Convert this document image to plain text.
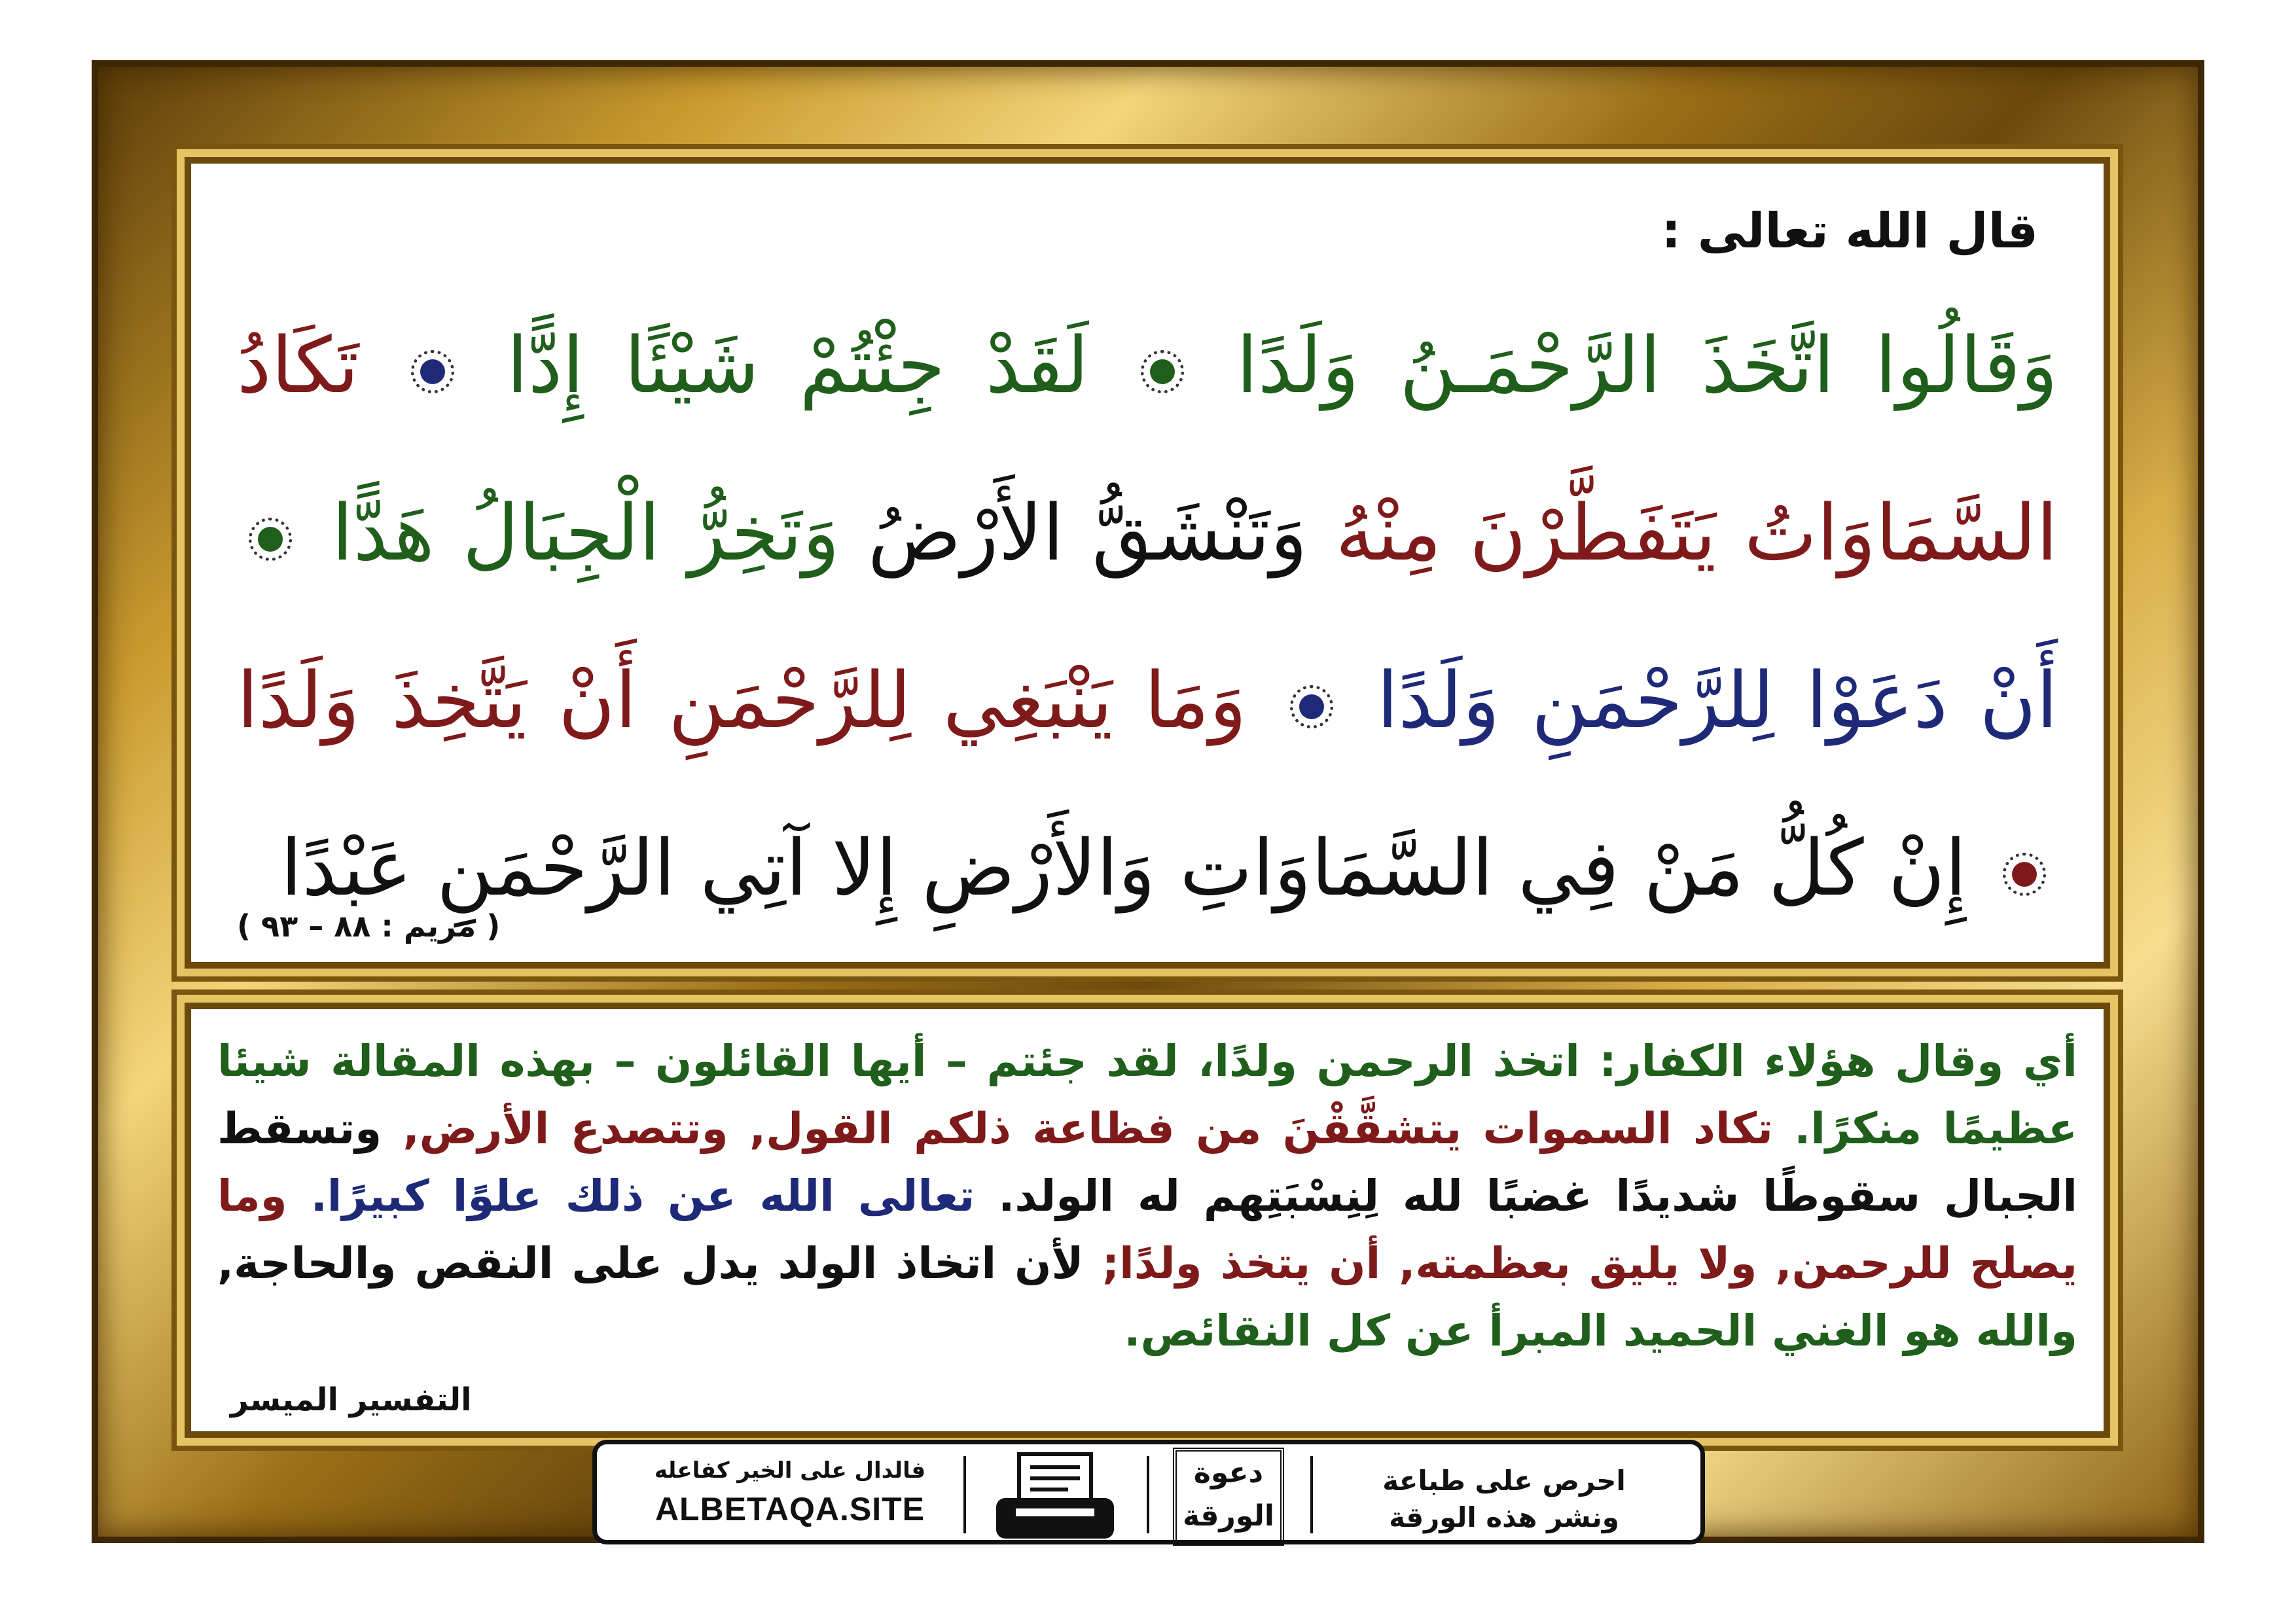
قال الله تعالى :

وَقَالُوا اتَّخَذَ الرَّحْمَـنُ وَلَدًا  لَقَدْ جِئْتُمْ شَيْئًا إِدًّا  تَكَادُ السَّمَاوَاتُ يَتَفَطَّرْنَ مِنْهُ وَتَنْشَقُّ الأَرْضُ وَتَخِرُّ الْجِبَالُ هَدًّا  أَنْ دَعَوْا لِلرَّحْمَنِ وَلَدًا  وَمَا يَنْبَغِي لِلرَّحْمَنِ أَنْ يَتَّخِذَ وَلَدًا  إِنْ كُلُّ مَنْ فِي السَّمَاوَاتِ وَالأَرْضِ إِلا آتِي الرَّحْمَنِ عَبْدًا

( مريم : ٨٨ – ٩٣ )

أي وقال هؤلاء الكفار: اتخذ الرحمن ولدًا، لقد جئتم – أيها القائلون – بهذه المقالة شيئا عظيمًا منكرًا. تكاد السموات يتشقَّقْنَ من فظاعة ذلكم القول, وتتصدع الأرض, وتسقط الجبال سقوطًا شديدًا غضبًا لله لِنِسْبَتِهم له الولد. تعالى الله عن ذلك علوًا كبيرًا. وما يصلح للرحمن, ولا يليق بعظمته, أن يتخذ ولدًا; لأن اتخاذ الولد يدل على النقص والحاجة, والله هو الغني الحميد المبرأ عن كل النقائص.

التفسير الميسر

فالدال على الخير كفاعله
ALBETAQA.SITE
دعوة
الورقة
احرص على طباعة
ونشر هذه الورقة
